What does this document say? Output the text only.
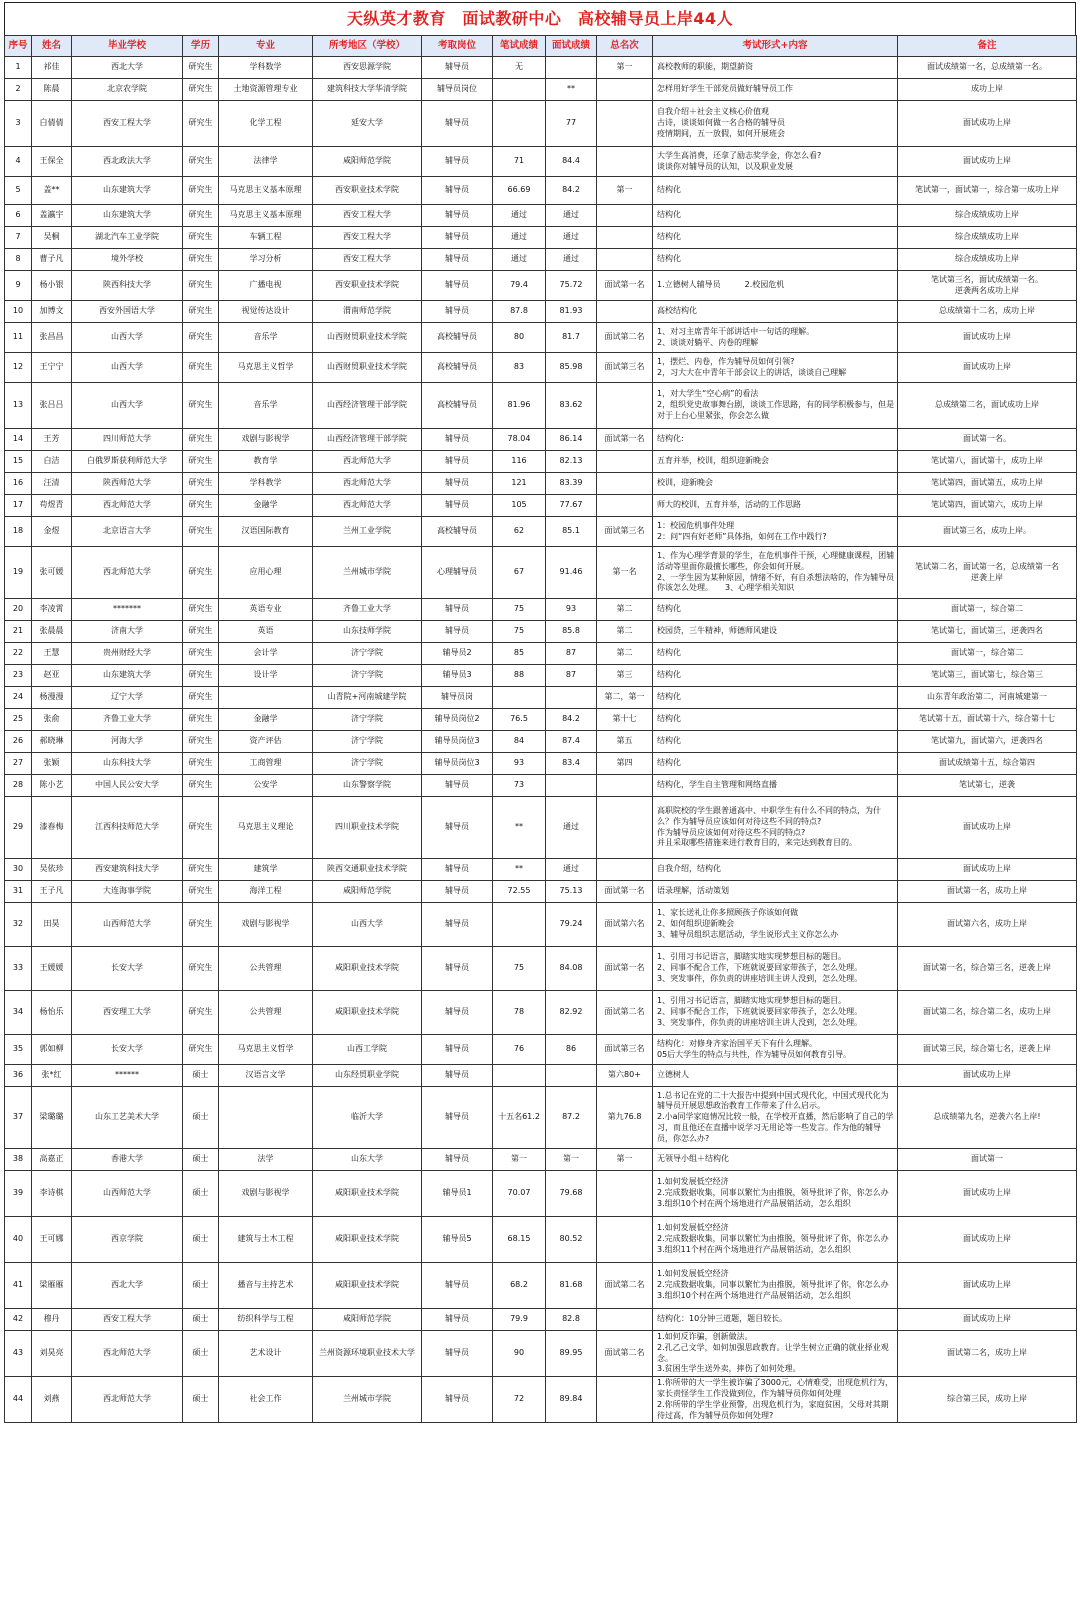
天纵英才教育　面试教研中心　高校辅导员上岸44人
序号	姓名	毕业学校	学历	专业	所考地区（学校）	考取岗位	笔试成绩	面试成绩	总名次	考试形式+内容	备注
1	祁佳	西北大学	研究生	学科数学	西安思源学院	辅导员	无		第一	高校教师的职能，期望薪资	面试成绩第一名，总成绩第一名。
2	陈晨	北京农学院	研究生	土地资源管理专业	建筑科技大学华清学院	辅导员岗位		**		怎样用好学生干部党员做好辅导员工作	成功上岸
3	白倩倩	西安工程大学	研究生	化学工程	延安大学	辅导员		77		自我介绍＋社会主义核心价值观
古诗，谈谈如何做一名合格的辅导员
疫情期间，五一放假，如何开展班会	面试成功上岸
4	王保全	西北政法大学	研究生	法律学	咸阳师范学院	辅导员	71	84.4		大学生高消费，还拿了励志奖学金，你怎么看?
谈谈你对辅导员的认知，以及职业发展	面试成功上岸
5	盖**	山东建筑大学	研究生	马克思主义基本原理	西安职业技术学院	辅导员	66.69	84.2	第一	结构化	笔试第一，面试第一，综合第一成功上岸
6	盖瀛宇	山东建筑大学	研究生	马克思主义基本原理	西安工程大学	辅导员	通过	通过		结构化	综合成绩成功上岸
7	吴桐	湖北汽车工业学院	研究生	车辆工程	西安工程大学	辅导员	通过	通过		结构化	综合成绩成功上岸
8	曹子凡	境外学校	研究生	学习分析	西安工程大学	辅导员	通过	通过		结构化	综合成绩成功上岸
9	杨小银	陕西科技大学	研究生	广播电视	西安职业技术学院	辅导员	79.4	75.72	面试第一名	1.立德树人辅导员　　　2.校园危机	笔试第三名，面试成绩第一名。
逆袭两名成功上岸
10	加博文	西安外国语大学	研究生	视觉传达设计	渭南师范学院	辅导员	87.8	81.93		高校结构化	总成绩第十二名，成功上岸
11	张昌昌	山西大学	研究生	音乐学	山西财贸职业技术学院	高校辅导员	80	81.7	面试第二名	1、对习主席青年干部讲话中一句话的理解。
2、谈谈对躺平、内卷的理解	面试成功上岸
12	王宁宁	山西大学	研究生	马克思主义哲学	山西财贸职业技术学院	高校辅导员	83	85.98	面试第三名	1，摆烂、内卷，作为辅导员如何引领?
2，习大大在中青年干部会议上的讲话，谈谈自己理解	面试成功上岸
13	张吕吕	山西大学	研究生	音乐学	山西经济管理干部学院	高校辅导员	81.96	83.62		1，对大学生“空心病”的看法
2，组织党史故事舞台剧，谈谈工作思路，有的同学积极参与，但是对于上台心里紧张，你会怎么做	总成绩第二名，面试成功上岸
14	王芳	四川师范大学	研究生	戏剧与影视学	山西经济管理干部学院	辅导员	78.04	86.14	面试第一名	结构化:	面试第一名。
15	白洁	白俄罗斯获利师范大学	研究生	教育学	西北师范大学	辅导员	116	82.13		五育并举，校训，组织迎新晚会	笔试第八，面试第十，成功上岸
16	汪清	陕西师范大学	研究生	学科教学	西北师范大学	辅导员	121	83.39		校训，迎新晚会	笔试第四，面试第五，成功上岸
17	苟煜青	西北师范大学	研究生	金融学	西北师范大学	辅导员	105	77.67		师大的校训，五育并举，活动的工作思路	笔试第四，面试第六，成功上岸
18	金煜	北京语言大学	研究生	汉语国际教育	兰州工业学院	高校辅导员	62	85.1	面试第三名	1：校园危机事件处理
2：问“四有好老师”具体指，如何在工作中践行?	面试第三名，成功上岸。
19	张可媛	西北师范大学	研究生	应用心理	兰州城市学院	心理辅导员	67	91.46	第一名	1、作为心理学背景的学生，在危机事件干预，心理健康课程，团辅活动等里面你最擅长哪些，你会如何开展。
2、一学生因为某种原因，情绪不好，有自杀想法啥的，作为辅导员你该怎么处理。　　3、心理学相关知识	笔试第二名，面试第一名，总成绩第一名
逆袭上岸
20	李凌霄	*******	研究生	英语专业	齐鲁工业大学	辅导员	75	93	第二	结构化	面试第一，综合第二
21	张晨晨	济南大学	研究生	英语	山东技师学院	辅导员	75	85.8	第二	校园贷，三牛精神，师德师风建设	笔试第七，面试第三，逆袭四名
22	王慧	贵州财经大学	研究生	会计学	济宁学院	辅导员2	85	87	第二	结构化	面试第一，综合第二
23	赵亚	山东建筑大学	研究生	设计学	济宁学院	辅导员3	88	87	第三	结构化	笔试第三，面试第七，综合第三
24	杨漫漫	辽宁大学	研究生		山青院+河南城建学院	辅导员岗			第二，第一	结构化	山东青年政治第二，河南城建第一
25	张俞	齐鲁工业大学	研究生	金融学	济宁学院	辅导员岗位2	76.5	84.2	第十七	结构化	笔试第十五，面试第十六，综合第十七
26	郝晓琳	河海大学	研究生	资产评估	济宁学院	辅导员岗位3	84	87.4	第五	结构化	笔试第九，面试第六，逆袭四名
27	张颖	山东科技大学	研究生	工商管理	济宁学院	辅导员岗位3	93	83.4	第四	结构化	面试成绩第十五，综合第四
28	陈小艺	中国人民公安大学	研究生	公安学	山东警察学院	辅导员	73			结构化，学生自主管理和网络直播	笔试第七，逆袭
29	漆春梅	江西科技师范大学	研究生	马克思主义理论	四川职业技术学院	辅导员	**	通过		高职院校的学生跟普通高中、中职学生有什么不同的特点，为什么？作为辅导员应该如何对待这些不同的特点?
作为辅导员应该如何对待这些不同的特点?
并且采取哪些措施来进行教育目的，来完达到教育目的。	面试成功上岸
30	吴依珍	西安建筑科技大学	研究生	建筑学	陕西交通职业技术学院	辅导员	**	通过		自我介绍，结构化	面试成功上岸
31	王子凡	大连海事学院	研究生	海洋工程	咸阳师范学院	辅导员	72.55	75.13	面试第一名	语录理解，活动策划	面试第一名，成功上岸
32	田昊	山西师范大学	研究生	戏剧与影视学	山西大学	辅导员		79.24	面试第六名	1、家长送礼让你多照顾孩子你该如何做
2、如何组织迎新晚会
3、辅导员组织志愿活动，学生说形式主义你怎么办	面试第六名，成功上岸
33	王媛媛	长安大学	研究生	公共管理	咸阳职业技术学院	辅导员	75	84.08	面试第一名	1、引用习书记语言，脚踏实地实现梦想目标的题目。
2、同事不配合工作，下班就说要回家带孩子，怎么处理。
3、突发事件，你负责的讲座培训主讲人没到，怎么处理。	面试第一名，综合第三名，逆袭上岸
34	杨怡乐	西安理工大学	研究生	公共管理	咸阳职业技术学院	辅导员	78	82.92	面试第二名	1、引用习书记语言，脚踏实地实现梦想目标的题目。
2、同事不配合工作，下班就说要回家带孩子，怎么处理。
3、突发事件，你负责的讲座培训主讲人没到，怎么处理。	面试第二名，综合第二名，成功上岸
35	郭如柳	长安大学	研究生	马克思主义哲学	山西工学院	辅导员	76	86	面试第三名	结构化：对修身齐家治国平天下有什么理解。
05后大学生的特点与共性，作为辅导员如何教育引导。	面试第三民，综合第七名，逆袭上岸
36	张*红	******	硕士	汉语言文学	山东经贸职业学院	辅导员			第六80+	立德树人	面试成功上岸
37	梁璐璐	山东工艺美术大学	硕士		临沂大学	辅导员	十五名61.2	87.2	第九76.8	1.总书记在党的二十大报告中提到中国式现代化，中国式现代化为辅导员开展思想政治教育工作带来了什么启示。
2.小a同学家庭情况比较一般，在学校开直播，然后影响了自己的学习，而且他还在直播中说学习无用论等一些发言。作为他的辅导员，你怎么办?	总成绩第九名，逆袭六名上岸!
38	高嘉正	香港大学	硕士	法学	山东大学	辅导员	第一	第一	第一	无领导小组＋结构化	面试第一
39	李诗棋	山西师范大学	硕士	戏剧与影视学	咸阳职业技术学院	辅导员1	70.07	79.68		1.如何发展低空经济
2.完成数据收集，同事以繁忙为由推脱，领导批评了你，你怎么办
3.组织10个村在两个场地进行产品展销活动，怎么组织	面试成功上岸
40	王可娜	西京学院	硕士	建筑与土木工程	咸阳职业技术学院	辅导员5	68.15	80.52		1.如何发展低空经济
2.完成数据收集，同事以繁忙为由推脱，领导批评了你，你怎么办
3.组织11个村在两个场地进行产品展销活动，怎么组织	面试成功上岸
41	梁雁雁	西北大学	硕士	播音与主持艺术	咸阳职业技术学院	辅导员	68.2	81.68	面试第二名	1.如何发展低空经济
2.完成数据收集，同事以繁忙为由推脱，领导批评了你，你怎么办
3.组织10个村在两个场地进行产品展销活动，怎么组织	面试成功上岸
42	穆丹	西安工程大学	硕士	纺织科学与工程	咸阳师范学院	辅导员	79.9	82.8		结构化：10分钟三道题，题目较长。	面试成功上岸
43	刘昊亮	西北师范大学	硕士	艺术设计	兰州资源环境职业技术大学	辅导员	90	89.95	面试第二名	1.如何反诈骗，创新做法。
2.孔乙己文学，如何加强思政教育。让学生树立正确的就业择业观念。
3.贫困生学生送外卖，摔伤了如何处理。	面试第二名，成功上岸
44	刘燕	西北师范大学	硕士	社会工作	兰州城市学院	辅导员	72	89.84		1.你所带的大一学生被诈骗了3000元，心情难受，出现危机行为，家长责怪学生工作没做到位，作为辅导员你如何处理
2.你所带的学生学业预警，出现危机行为，家庭贫困，父母对其期待过高，作为辅导员你如何处理?	综合第三民，成功上岸
